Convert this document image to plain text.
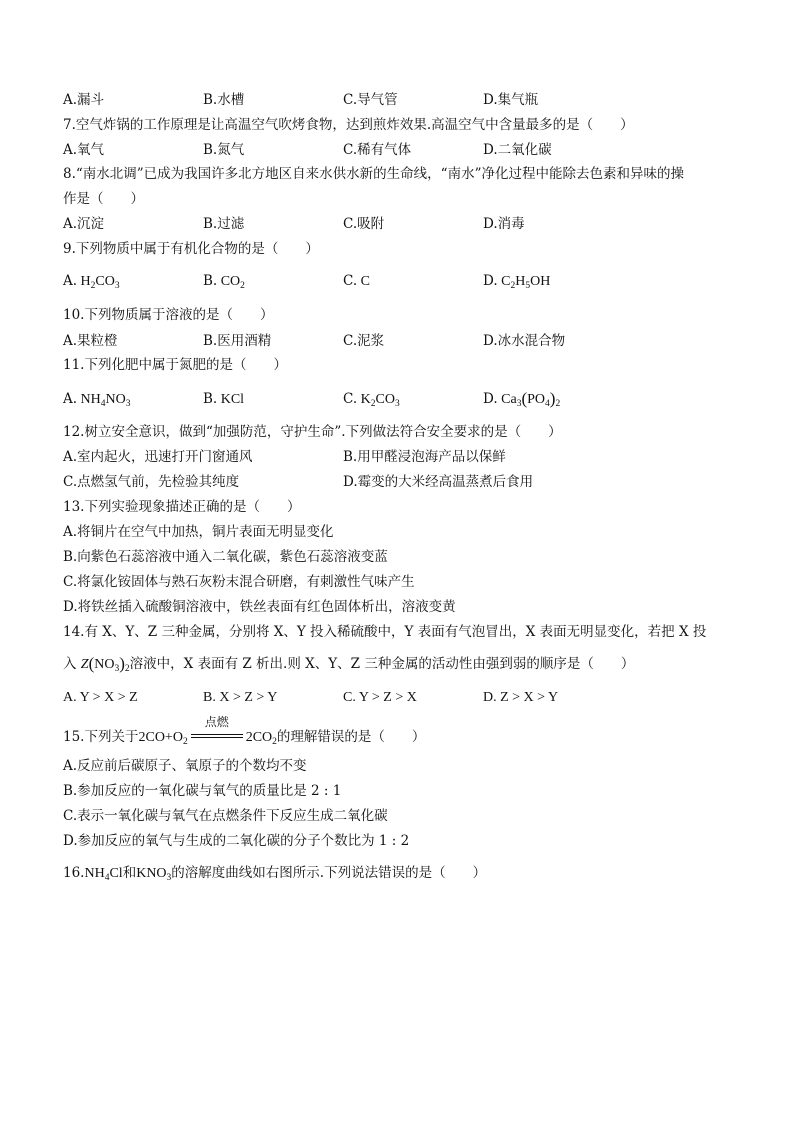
A.漏斗	B.水槽	C.导气管	D.集气瓶
7.空气炸锅的工作原理是让高温空气吹烤食物，达到煎炸效果.高温空气中含量最多的是（　　）
A.氧气	B.氮气	C.稀有气体	D.二氧化碳
8.“南水北调”已成为我国许多北方地区自来水供水新的生命线，“南水”净化过程中能除去色素和异味的操
作是（　　）
A.沉淀	B.过滤	C.吸附	D.消毒
9.下列物质中属于有机化合物的是（　　）
A. $H_2CO_3$	B. $CO_2$	C. C	D. $C_2H_5OH$
10.下列物质属于溶液的是（　　）
A.果粒橙	B.医用酒精	C.泥浆	D.冰水混合物
11.下列化肥中属于氮肥的是（　　）
A. $NH_4NO_3$	B. KCl	C. $K_2CO_3$	D. $Ca_3(PO_4)_2$
12.树立安全意识，做到“加强防范，守护生命”.下列做法符合安全要求的是（　　）
A.室内起火，迅速打开门窗通风	B.用甲醛浸泡海产品以保鲜
C.点燃氢气前，先检验其纯度	D.霉变的大米经高温蒸煮后食用
13.下列实验现象描述正确的是（　　）
A.将铜片在空气中加热，铜片表面无明显变化
B.向紫色石蕊溶液中通入二氧化碳，紫色石蕊溶液变蓝
C.将氯化铵固体与熟石灰粉末混合研磨，有刺激性气味产生
D.将铁丝插入硫酸铜溶液中，铁丝表面有红色固体析出，溶液变黄
14.有 X、Y、Z 三种金属，分别将 X、Y 投入稀硫酸中，Y 表面有气泡冒出，X 表面无明显变化，若把 X 投
入 $Z(NO_3)_2$溶液中，X 表面有 Z 析出.则 X、Y、Z 三种金属的活动性由强到弱的顺序是（　　）
A. Y > X > Z	B. X > Z > Y	C. Y > Z > X	D. Z > X > Y
15.下列关于$2CO+O_2$
点燃
$2CO_2$的理解错误的是（　　）
A.反应前后碳原子、氧原子的个数均不变
B.参加反应的一氧化碳与氧气的质量比是 2 : 1
C.表示一氧化碳与氧气在点燃条件下反应生成二氧化碳
D.参加反应的氧气与生成的二氧化碳的分子个数比为 1 : 2
$16.NH_4Cl$和$KNO_3$的溶解度曲线如右图所示.下列说法错误的是（　　）
